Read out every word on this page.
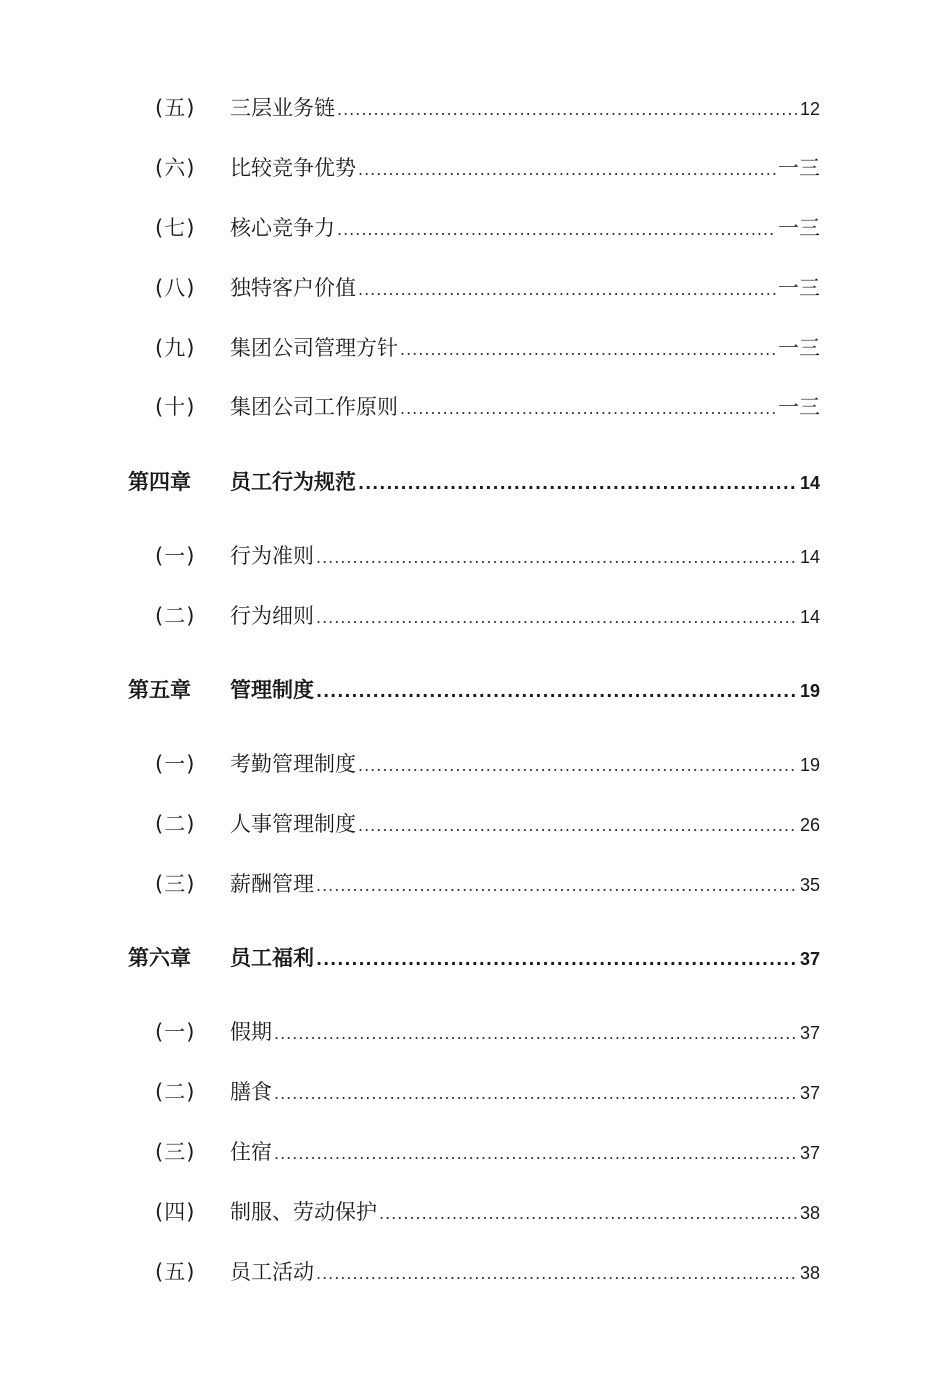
(五) 三层业务链 .....	12
(六) 比较竞争优势 .....	一三
(七) 核心竞争力 .....	一三
(八) 独特客户价值 .....	一三
(九) 集团公司管理方针 .....	一三
(十) 集团公司工作原则 .....	一三
第四章 员工行为规范 .....	14
(一) 行为准则 .....	14
(二) 行为细则 .....	14
第五章 管理制度 .....	19
(一) 考勤管理制度 .....	19
(二) 人事管理制度 .....	26
(三) 薪酬管理 .....	35
第六章 员工福利 .....	37
(一) 假期 .....	37
(二) 膳食 .....	37
(三) 住宿 .....	37
(四) 制服、劳动保护 .....	38
(五) 员工活动 .....	38
